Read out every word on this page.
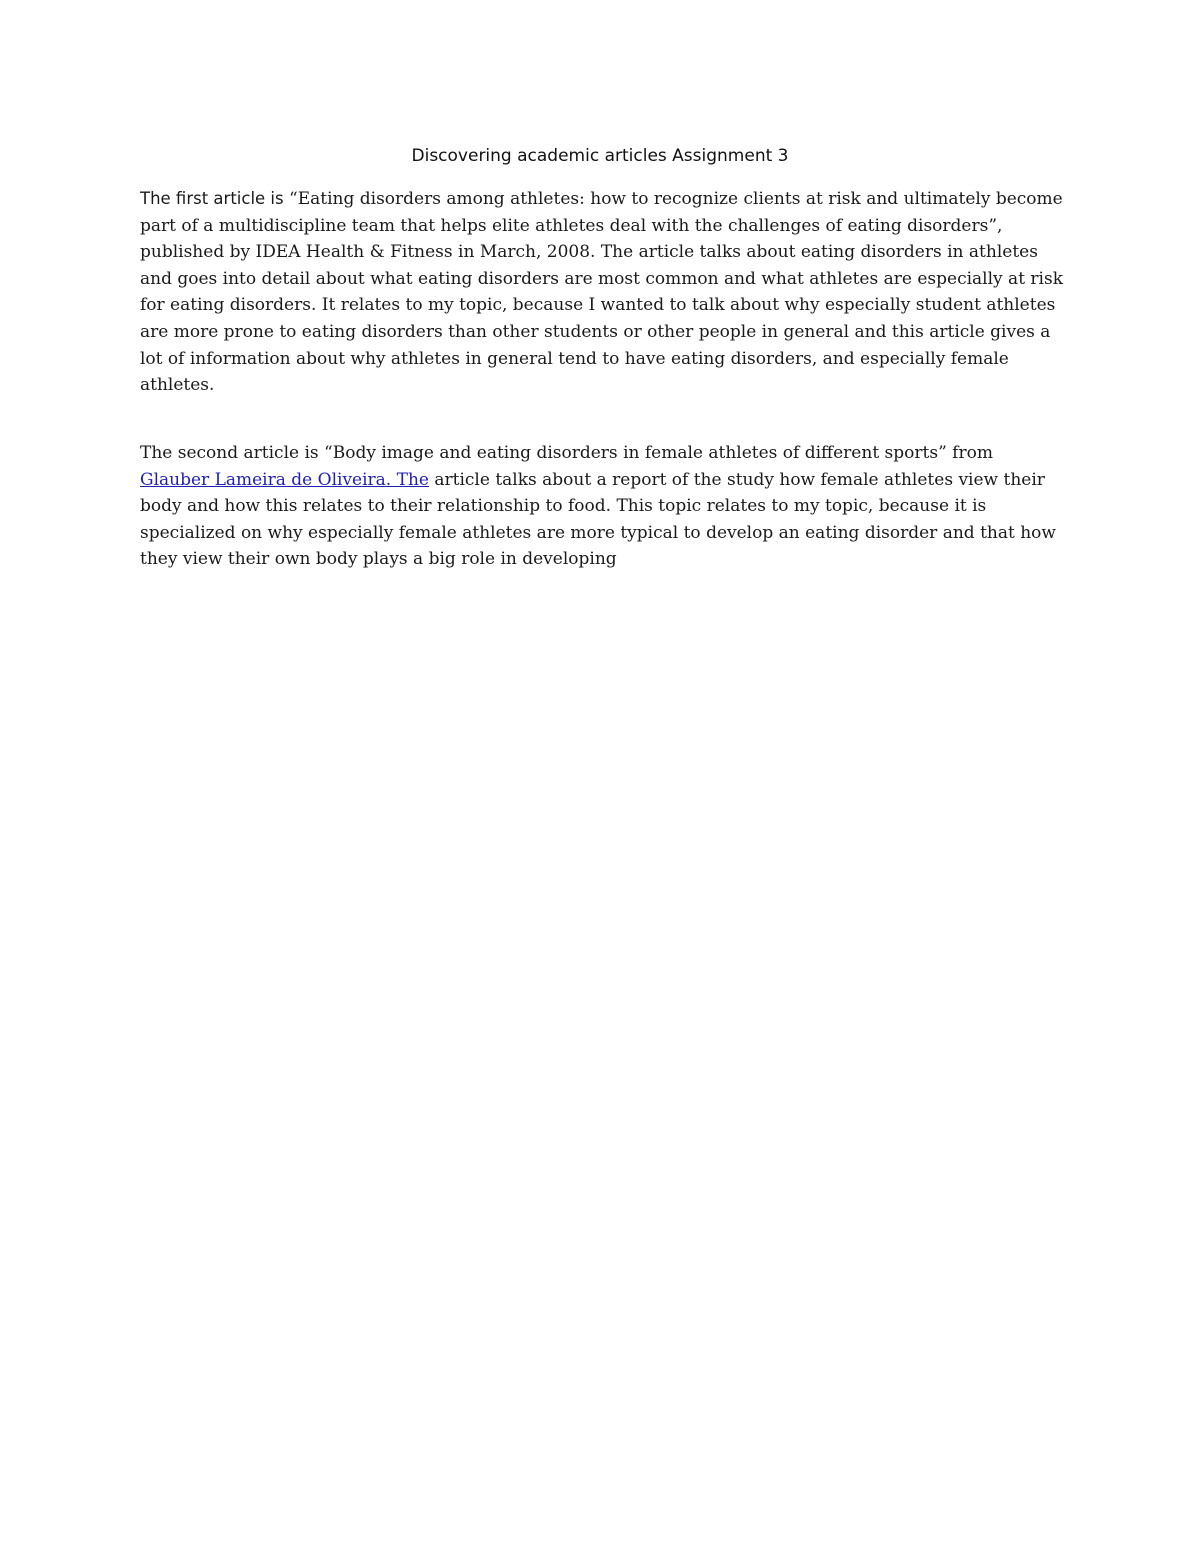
Discovering academic articles Assignment 3

The first article is “Eating disorders among athletes: how to recognize clients at risk and ultimately become part of a multidiscipline team that helps elite athletes deal with the challenges of eating disorders”, published by IDEA Health & Fitness in March, 2008. The article talks about eating disorders in athletes and goes into detail about what eating disorders are most common and what athletes are especially at risk for eating disorders. It relates to my topic, because I wanted to talk about why especially student athletes are more prone to eating disorders than other students or other people in general and this article gives a lot of information about why athletes in general tend to have eating disorders, and especially female athletes.

The second article is “Body image and eating disorders in female athletes of different sports” from Glauber Lameira de Oliveira. The article talks about a report of the study how female athletes view their body and how this relates to their relationship to food. This topic relates to my topic, because it is specialized on why especially female athletes are more typical to develop an eating disorder and that how they view their own body plays a big role in developing
